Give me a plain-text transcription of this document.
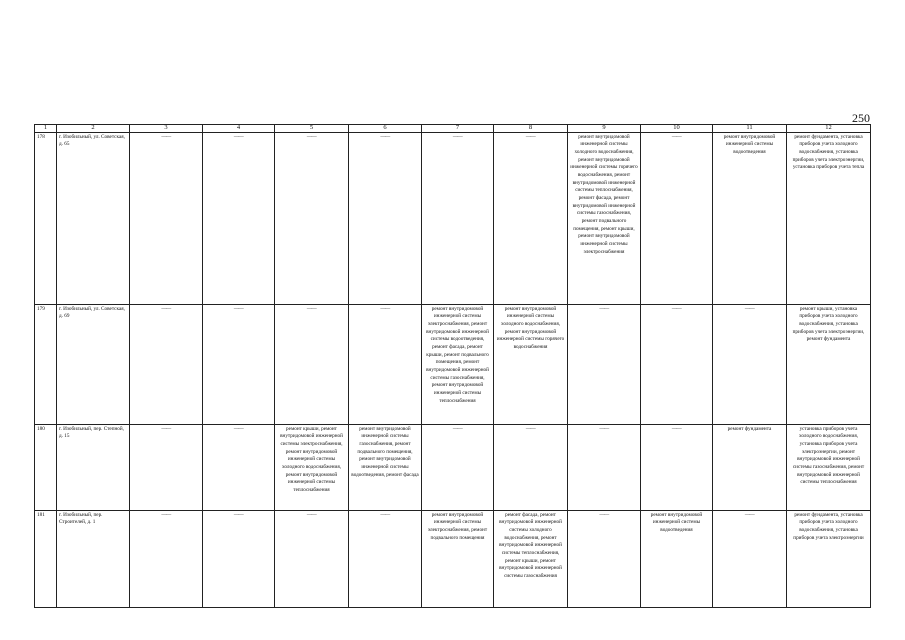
250
1	2	3	4	5	6	7	8	9	10	11	12
178	г. Изобильный, ул. Советская, д. 65	——	——	——	——	——	——	ремонт внутридомовой инженерной системы холодного водоснабжения, ремонт внутридомовой инженерной системы горячего водоснабжения, ремонт внутридомовой инженерной системы теплоснабжения, ремонт фасада, ремонт внутридомовой инженерной системы газоснабжения, ремонт подвального помещения, ремонт крыши, ремонт внутридомовой инженерной системы электроснабжения	——	ремонт внутридомовой инженерной системы водоотведения	ремонт фундамента, установка приборов учета холодного водоснабжения, установка приборов учета электроэнергии, установка приборов учета тепла
179	г. Изобильный, ул. Советская, д. 69	——	——	——	——	ремонт внутридомовой инженерной системы электроснабжения, ремонт внутридомовой инженерной системы водоотведения, ремонт фасада, ремонт крыши, ремонт подвального помещения, ремонт внутридомовой инженерной системы газоснабжения, ремонт внутридомовой инженерной системы теплоснабжения	ремонт внутридомовой инженерной системы холодного водоснабжения, ремонт внутридомовой инженерной системы горячего водоснабжения	——	——	——	ремонт крыши, установка приборов учета холодного водоснабжения, установка приборов учета электроэнергии, ремонт фундамента
180	г. Изобильный, пер. Степной, д. 15	——	——	ремонт крыши, ремонт внутридомовой инженерной системы электроснабжения, ремонт внутридомовой инженерной системы холодного водоснабжения, ремонт внутридомовой инженерной системы теплоснабжения	ремонт внутридомовой инженерной системы газоснабжения, ремонт подвального помещения, ремонт внутридомовой инженерной системы водоотведения, ремонт фасада	——	——	——	——	ремонт фундамента	установка приборов учета холодного водоснабжения, установка приборов учета электроэнергии, ремонт внутридомовой инженерной системы газоснабжения, ремонт внутридомовой инженерной системы теплоснабжения
181	г. Изобильный, пер. Строителей, д. 1	——	——	——	——	ремонт внутридомовой инженерной системы электроснабжения, ремонт подвального помещения	ремонт фасада, ремонт внутридомовой инженерной системы холодного водоснабжения, ремонт внутридомовой инженерной системы теплоснабжения, ремонт крыши, ремонт внутридомовой инженерной системы газоснабжения	——	ремонт внутридомовой инженерной системы водоотведения	——	ремонт фундамента, установка приборов учета холодного водоснабжения, установка приборов учета электроэнергии
